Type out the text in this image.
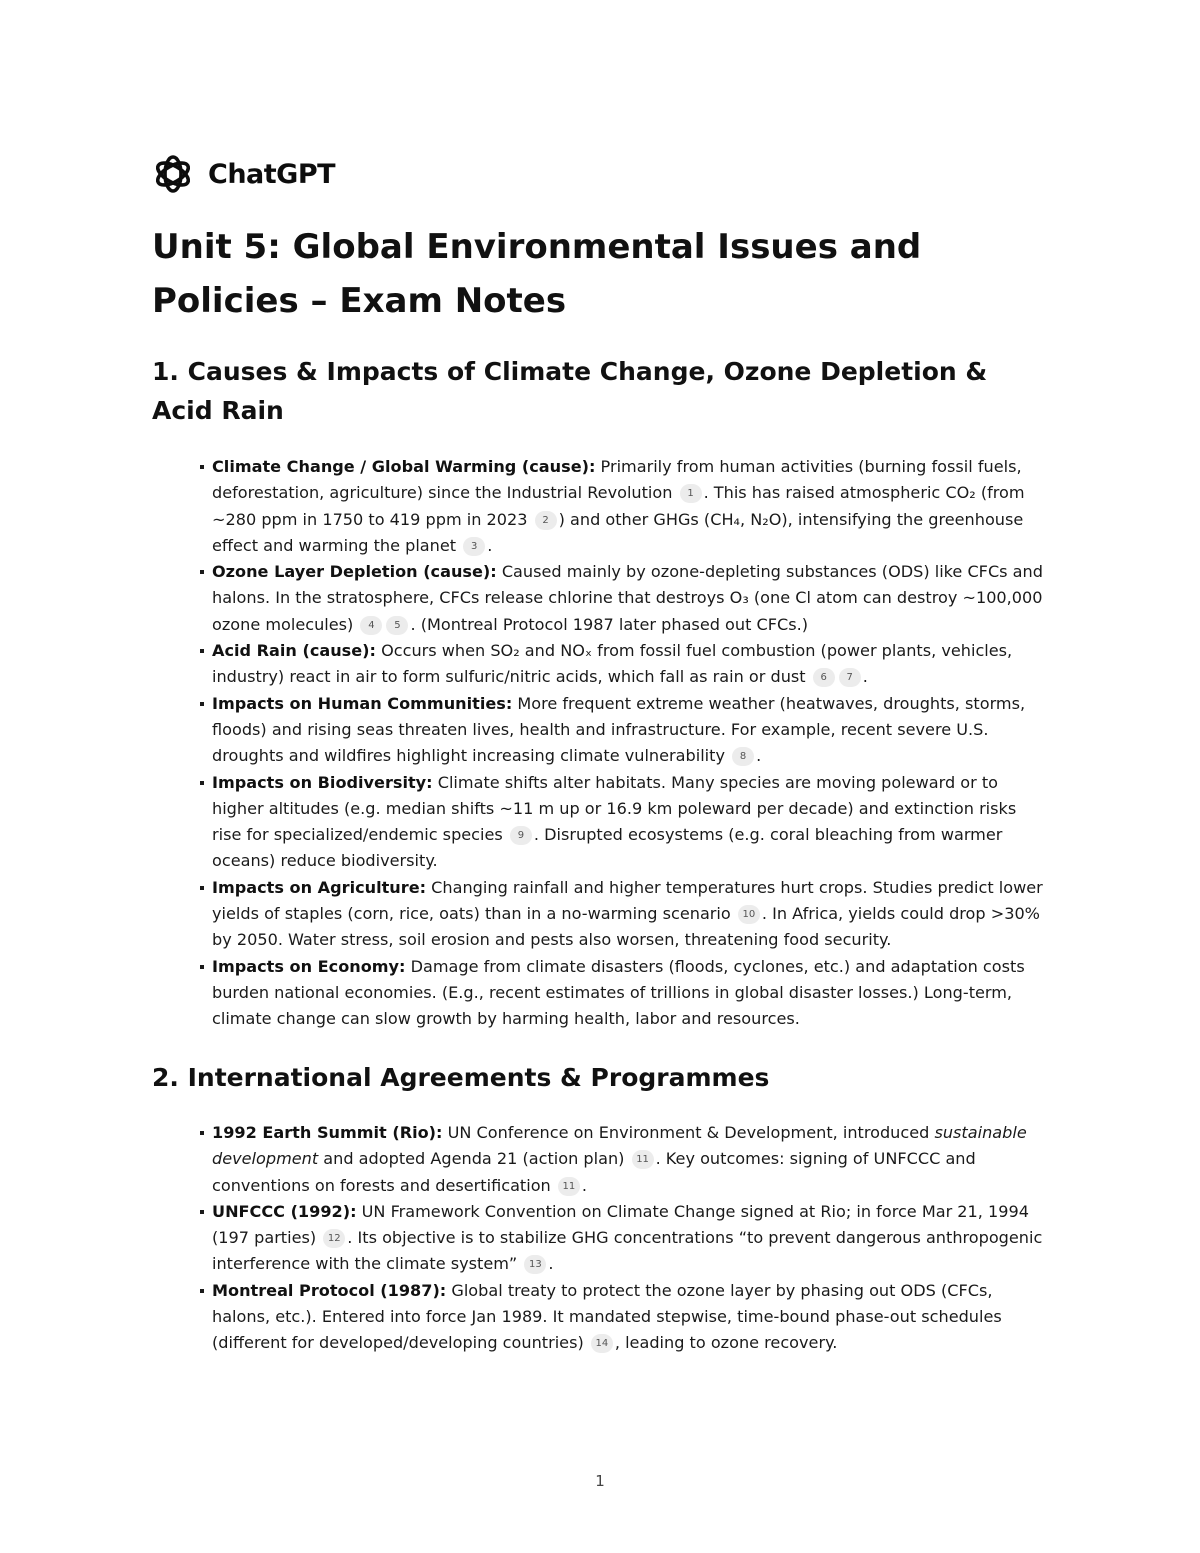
ChatGPT
Unit 5: Global Environmental Issues and Policies – Exam Notes
1. Causes & Impacts of Climate Change, Ozone Depletion & Acid Rain
Climate Change / Global Warming (cause): Primarily from human activities (burning fossil fuels, deforestation, agriculture) since the Industrial Revolution 1 . This has raised atmospheric CO₂ (from ~280 ppm in 1750 to 419 ppm in 2023 2 ) and other GHGs (CH₄, N₂O), intensifying the greenhouse effect and warming the planet 3 .
Ozone Layer Depletion (cause): Caused mainly by ozone-depleting substances (ODS) like CFCs and halons. In the stratosphere, CFCs release chlorine that destroys O₃ (one Cl atom can destroy ~100,000 ozone molecules) 4 5 . (Montreal Protocol 1987 later phased out CFCs.)
Acid Rain (cause): Occurs when SO₂ and NOₓ from fossil fuel combustion (power plants, vehicles, industry) react in air to form sulfuric/nitric acids, which fall as rain or dust 6 7 .
Impacts on Human Communities: More frequent extreme weather (heatwaves, droughts, storms, floods) and rising seas threaten lives, health and infrastructure. For example, recent severe U.S. droughts and wildfires highlight increasing climate vulnerability 8 .
Impacts on Biodiversity: Climate shifts alter habitats. Many species are moving poleward or to higher altitudes (e.g. median shifts ~11 m up or 16.9 km poleward per decade) and extinction risks rise for specialized/endemic species 9 . Disrupted ecosystems (e.g. coral bleaching from warmer oceans) reduce biodiversity.
Impacts on Agriculture: Changing rainfall and higher temperatures hurt crops. Studies predict lower yields of staples (corn, rice, oats) than in a no-warming scenario 10 . In Africa, yields could drop >30% by 2050. Water stress, soil erosion and pests also worsen, threatening food security.
Impacts on Economy: Damage from climate disasters (floods, cyclones, etc.) and adaptation costs burden national economies. (E.g., recent estimates of trillions in global disaster losses.) Long-term, climate change can slow growth by harming health, labor and resources.
2. International Agreements & Programmes
1992 Earth Summit (Rio): UN Conference on Environment & Development, introduced sustainable development and adopted Agenda 21 (action plan) 11 . Key outcomes: signing of UNFCCC and conventions on forests and desertification 11 .
UNFCCC (1992): UN Framework Convention on Climate Change signed at Rio; in force Mar 21, 1994 (197 parties) 12 . Its objective is to stabilize GHG concentrations “to prevent dangerous anthropogenic interference with the climate system” 13 .
Montreal Protocol (1987): Global treaty to protect the ozone layer by phasing out ODS (CFCs, halons, etc.). Entered into force Jan 1989. It mandated stepwise, time-bound phase-out schedules (different for developed/developing countries) 14 , leading to ozone recovery.
1
